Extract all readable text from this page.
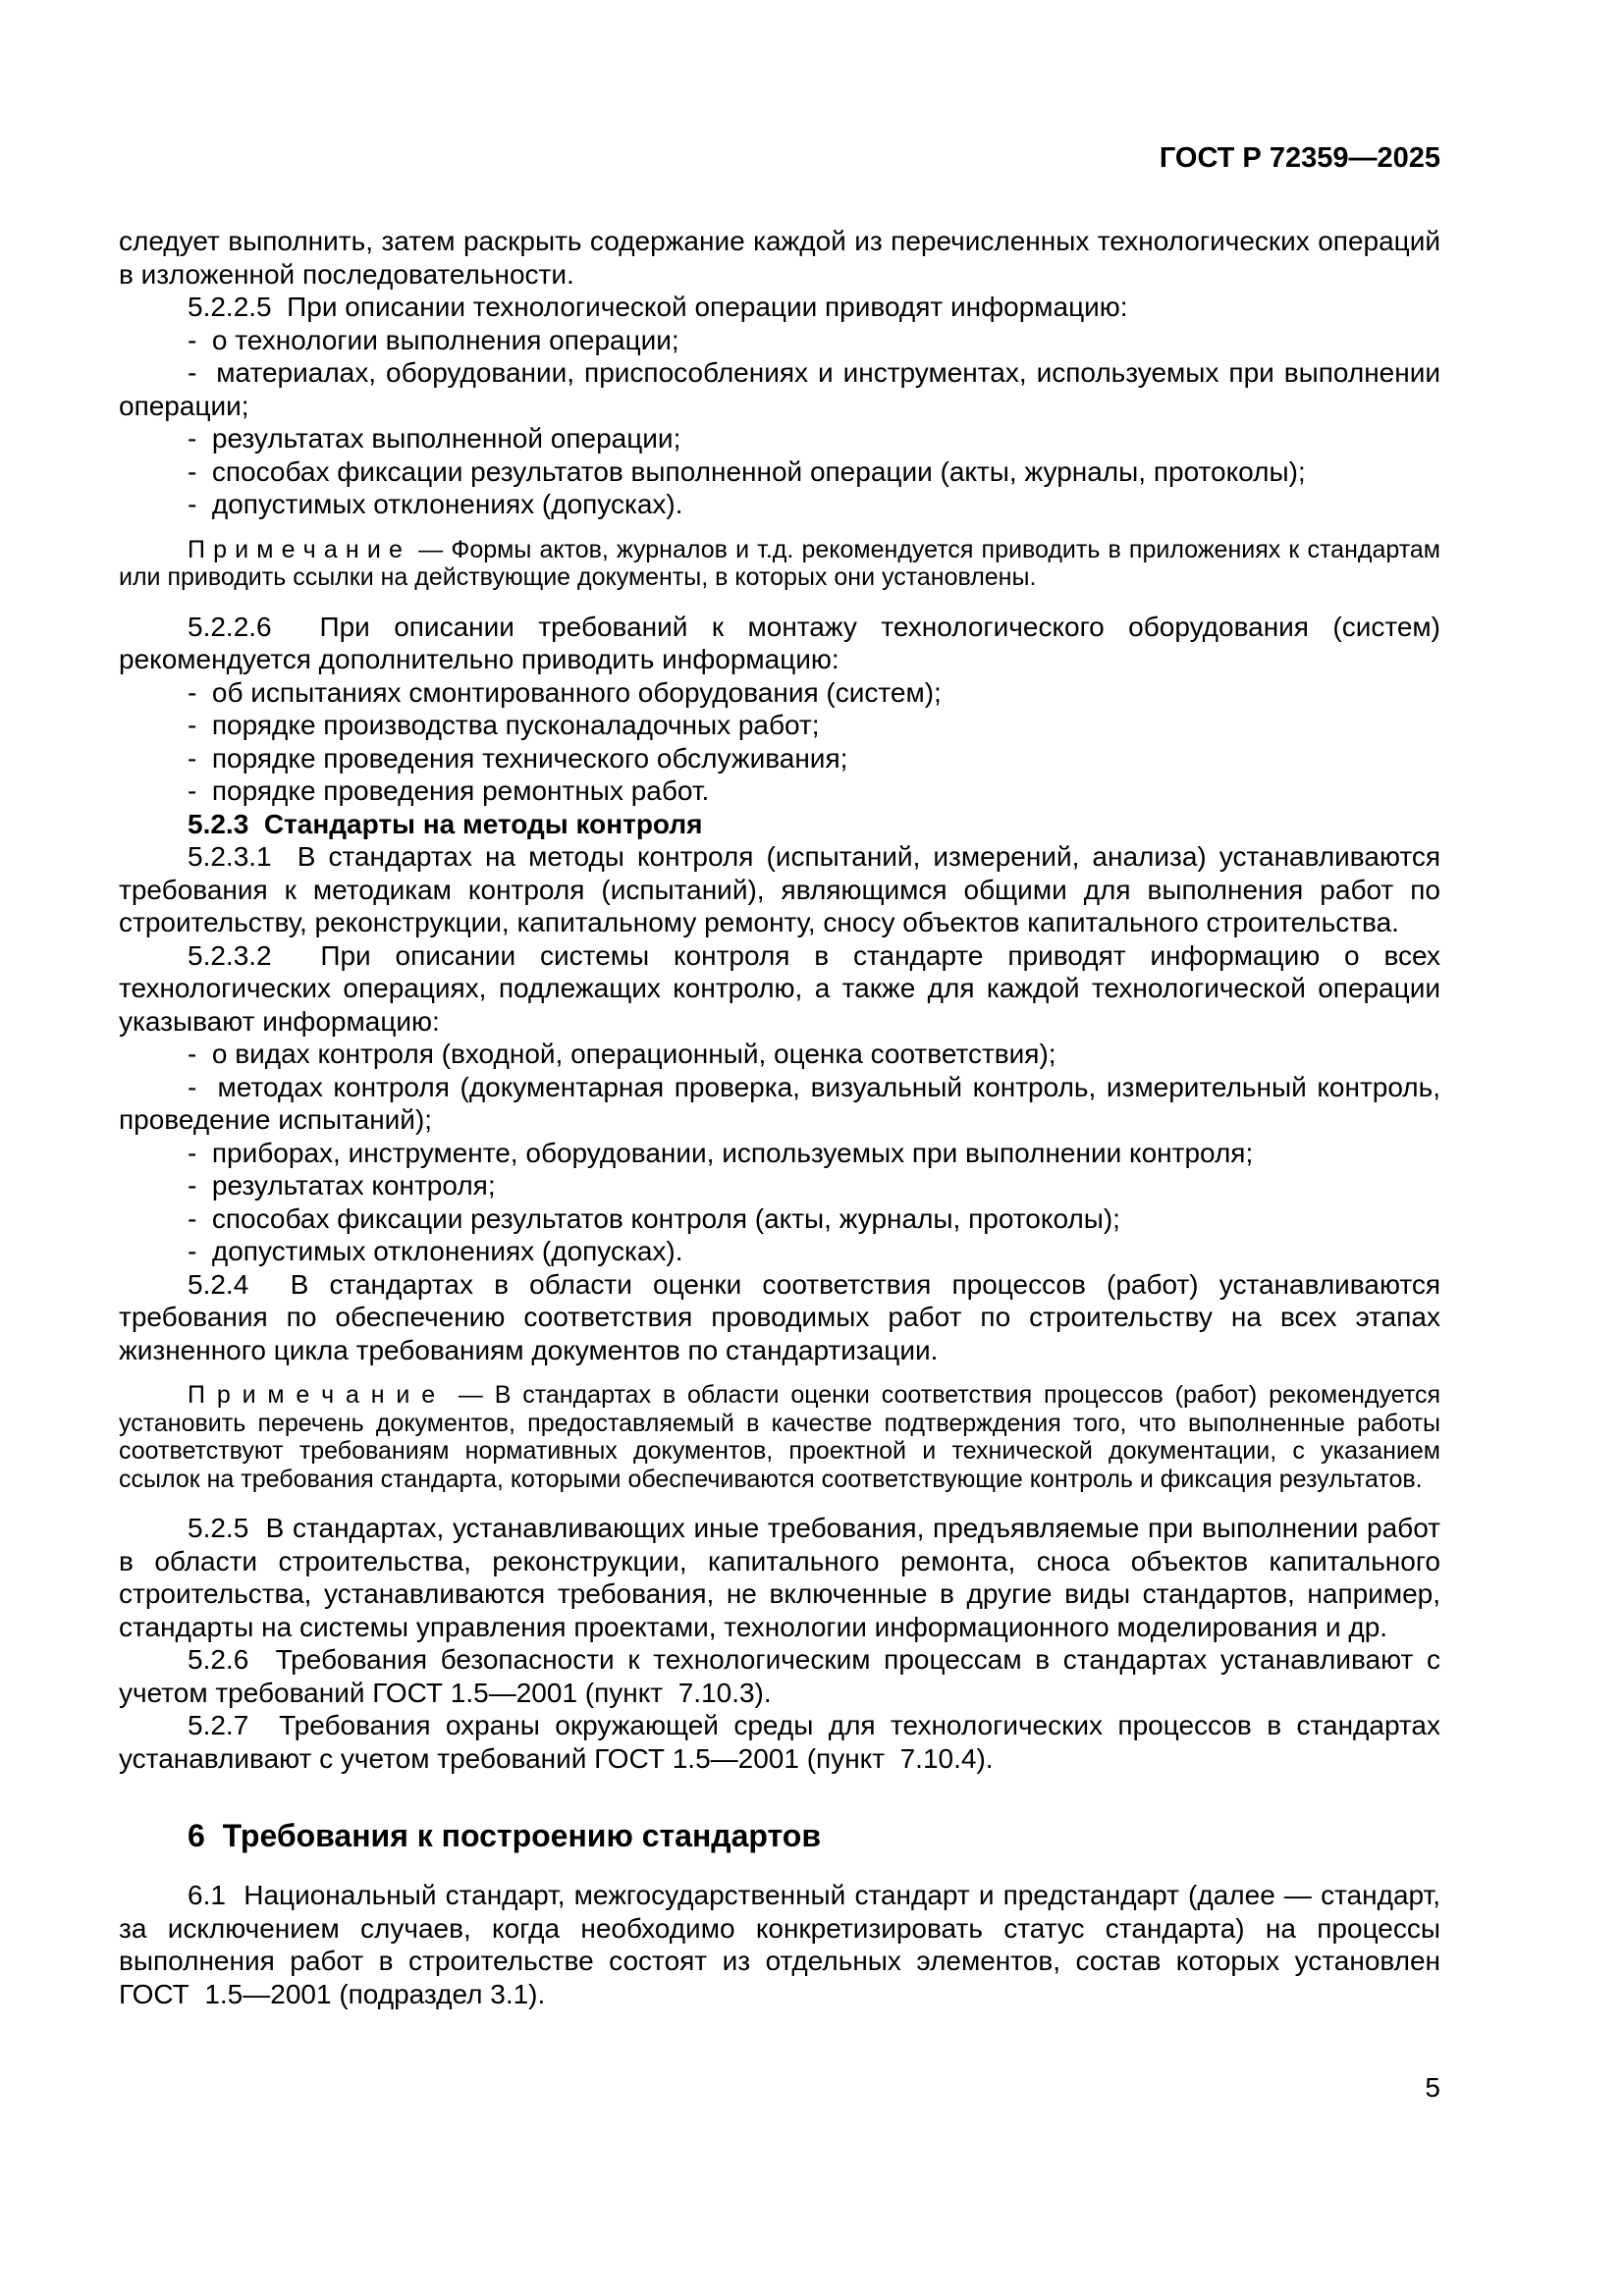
ГОСТ Р 72359—2025

следует выполнить, затем раскрыть содержание каждой из перечисленных технологических операций в изложенной последовательности.

5.2.2.5  При описании технологической операции приводят информацию:

-  о технологии выполнения операции;

-  материалах, оборудовании, приспособлениях и инструментах, используемых при выполнении операции;

-  результатах выполненной операции;

-  способах фиксации результатов выполненной операции (акты, журналы, протоколы);

-  допустимых отклонениях (допусках).

П р и м е ч а н и е  — Формы актов, журналов и т.д. рекомендуется приводить в приложениях к стандартам или приводить ссылки на действующие документы, в которых они установлены.

5.2.2.6  При описании требований к монтажу технологического оборудования (систем) рекомендуется дополнительно приводить информацию:

-  об испытаниях смонтированного оборудования (систем);

-  порядке производства пусконаладочных работ;

-  порядке проведения технического обслуживания;

-  порядке проведения ремонтных работ.

5.2.3  Стандарты на методы контроля

5.2.3.1  В стандартах на методы контроля (испытаний, измерений, анализа) устанавливаются требования к методикам контроля (испытаний), являющимся общими для выполнения работ по строительству, реконструкции, капитальному ремонту, сносу объектов капитального строительства.

5.2.3.2  При описании системы контроля в стандарте приводят информацию о всех технологических операциях, подлежащих контролю, а также для каждой технологической операции указывают информацию:

-  о видах контроля (входной, операционный, оценка соответствия);

-  методах контроля (документарная проверка, визуальный контроль, измерительный контроль, проведение испытаний);

-  приборах, инструменте, оборудовании, используемых при выполнении контроля;

-  результатах контроля;

-  способах фиксации результатов контроля (акты, журналы, протоколы);

-  допустимых отклонениях (допусках).

5.2.4  В стандартах в области оценки соответствия процессов (работ) устанавливаются требования по обеспечению соответствия проводимых работ по строительству на всех этапах жизненного цикла требованиям документов по стандартизации.

П р и м е ч а н и е  — В стандартах в области оценки соответствия процессов (работ) рекомендуется установить перечень документов, предоставляемый в качестве подтверждения того, что выполненные работы соответствуют требованиям нормативных документов, проектной и технической документации, с указанием ссылок на требования стандарта, которыми обеспечиваются соответствующие контроль и фиксация результатов.

5.2.5  В стандартах, устанавливающих иные требования, предъявляемые при выполнении работ в области строительства, реконструкции, капитального ремонта, сноса объектов капитального строительства, устанавливаются требования, не включенные в другие виды стандартов, например, стандарты на системы управления проектами, технологии информационного моделирования и др.

5.2.6  Требования безопасности к технологическим процессам в стандартах устанавливают с учетом требований ГОСТ 1.5—2001 (пункт  7.10.3).

5.2.7  Требования охраны окружающей среды для технологических процессов в стандартах устанавливают с учетом требований ГОСТ 1.5—2001 (пункт  7.10.4).

6  Требования к построению стандартов

6.1  Национальный стандарт, межгосударственный стандарт и предстандарт (далее — стандарт, за исключением случаев, когда необходимо конкретизировать статус стандарта) на процессы выполнения работ в строительстве состоят из отдельных элементов, состав которых установлен ГОСТ  1.5—2001 (подраздел 3.1).

5
